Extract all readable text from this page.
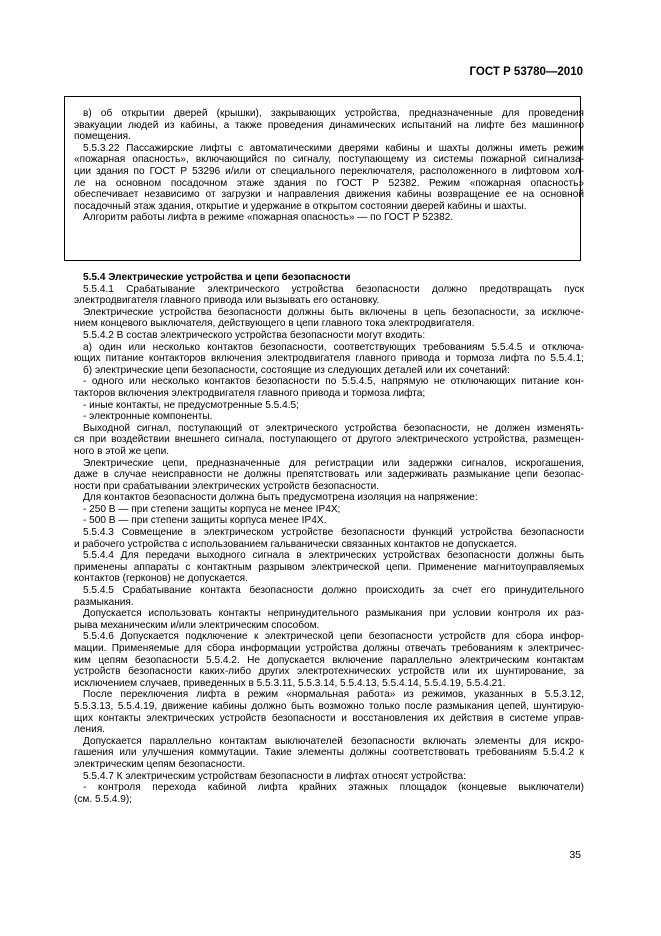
ГОСТ Р 53780—2010

в) об открытии дверей (крышки), закрывающих устройства, предназначенные для проведения

эвакуации людей из кабины, а также проведения динамических испытаний на лифте без машинного

помещения.

5.5.3.22 Пассажирские лифты с автоматическими дверями кабины и шахты должны иметь режим

«пожарная опасность», включающийся по сигналу, поступающему из системы пожарной сигнализа-

ции здания по ГОСТ Р 53296 и/или от специального переключателя, расположенного в лифтовом хол-

ле на основном посадочном этаже здания по ГОСТ Р 52382. Режим «пожарная опасность»

обеспечивает независимо от загрузки и направления движения кабины возвращение ее на основной

посадочный этаж здания, открытие и удержание в открытом состоянии дверей кабины и шахты.

Алгоритм работы лифта в режиме «пожарная опасность» — по ГОСТ Р 52382.

5.5.4 Электрические устройства и цепи безопасности

5.5.4.1 Срабатывание электрического устройства безопасности должно предотвращать пуск

электродвигателя главного привода или вызывать его остановку.

Электрические устройства безопасности должны быть включены в цепь безопасности, за исключе-

нием концевого выключателя, действующего в цепи главного тока электродвигателя.

5.5.4.2 В состав электрического устройства безопасности могут входить:

а) один или несколько контактов безопасности, соответствующих требованиям 5.5.4.5 и отключа-

ющих питание контакторов включения электродвигателя главного привода и тормоза лифта по 5.5.4.1;

б) электрические цепи безопасности, состоящие из следующих деталей или их сочетаний:

- одного или несколько контактов безопасности по 5.5.4.5, напрямую не отключающих питание кон-

такторов включения электродвигателя главного привода и тормоза лифта;

- иные контакты, не предусмотренные 5.5.4.5;

- электронные компоненты.

Выходной сигнал, поступающий от электрического устройства безопасности, не должен изменять-

ся при воздействии внешнего сигнала, поступающего от другого электрического устройства, размещен-

ного в этой же цепи.

Электрические цепи, предназначенные для регистрации или задержки сигналов, искрогашения,

даже в случае неисправности не должны препятствовать или задерживать размыкание цепи безопас-

ности при срабатывании электрических устройств безопасности.

Для контактов безопасности должна быть предусмотрена изоляция на напряжение:

- 250 В — при степени защиты корпуса не менее IP4X;

- 500 В — при степени защиты корпуса менее IP4X.

5.5.4.3 Совмещение в электрическом устройстве безопасности функций устройства безопасности

и рабочего устройства с использованием гальванически связанных контактов не допускается.

5.5.4.4 Для передачи выходного сигнала в электрических устройствах безопасности должны быть

применены аппараты с контактным разрывом электрической цепи. Применение магнитоуправляемых

контактов (герконов) не допускается.

5.5.4.5 Срабатывание контакта безопасности должно происходить за счет его принудительного

размыкания.

Допускается использовать контакты непринудительного размыкания при условии контроля их раз-

рыва механическим и/или электрическим способом.

5.5.4.6 Допускается подключение к электрической цепи безопасности устройств для сбора инфор-

мации. Применяемые для сбора информации устройства должны отвечать требованиям к электричес-

ким цепям безопасности 5.5.4.2. Не допускается включение параллельно электрическим контактам

устройств безопасности каких-либо других электротехнических устройств или их шунтирование, за

исключением случаев, приведенных в 5.5.3.11, 5.5.3.14, 5.5.4.13, 5.5.4.14, 5.5.4.19, 5.5.4.21.

После переключения лифта в режим «нормальная работа» из режимов, указанных в 5.5.3.12,

5.5.3.13, 5.5.4.19, движение кабины должно быть возможно только после размыкания цепей, шунтирую-

щих контакты электрических устройств безопасности и восстановления их действия в системе управ-

ления.

Допускается параллельно контактам выключателей безопасности включать элементы для искро-

гашения или улучшения коммутации. Такие элементы должны соответствовать требованиям 5.5.4.2 к

электрическим цепям безопасности.

5.5.4.7 К электрическим устройствам безопасности в лифтах относят устройства:

- контроля перехода кабиной лифта крайних этажных площадок (концевые выключатели)

(см. 5.5.4.9);

35
